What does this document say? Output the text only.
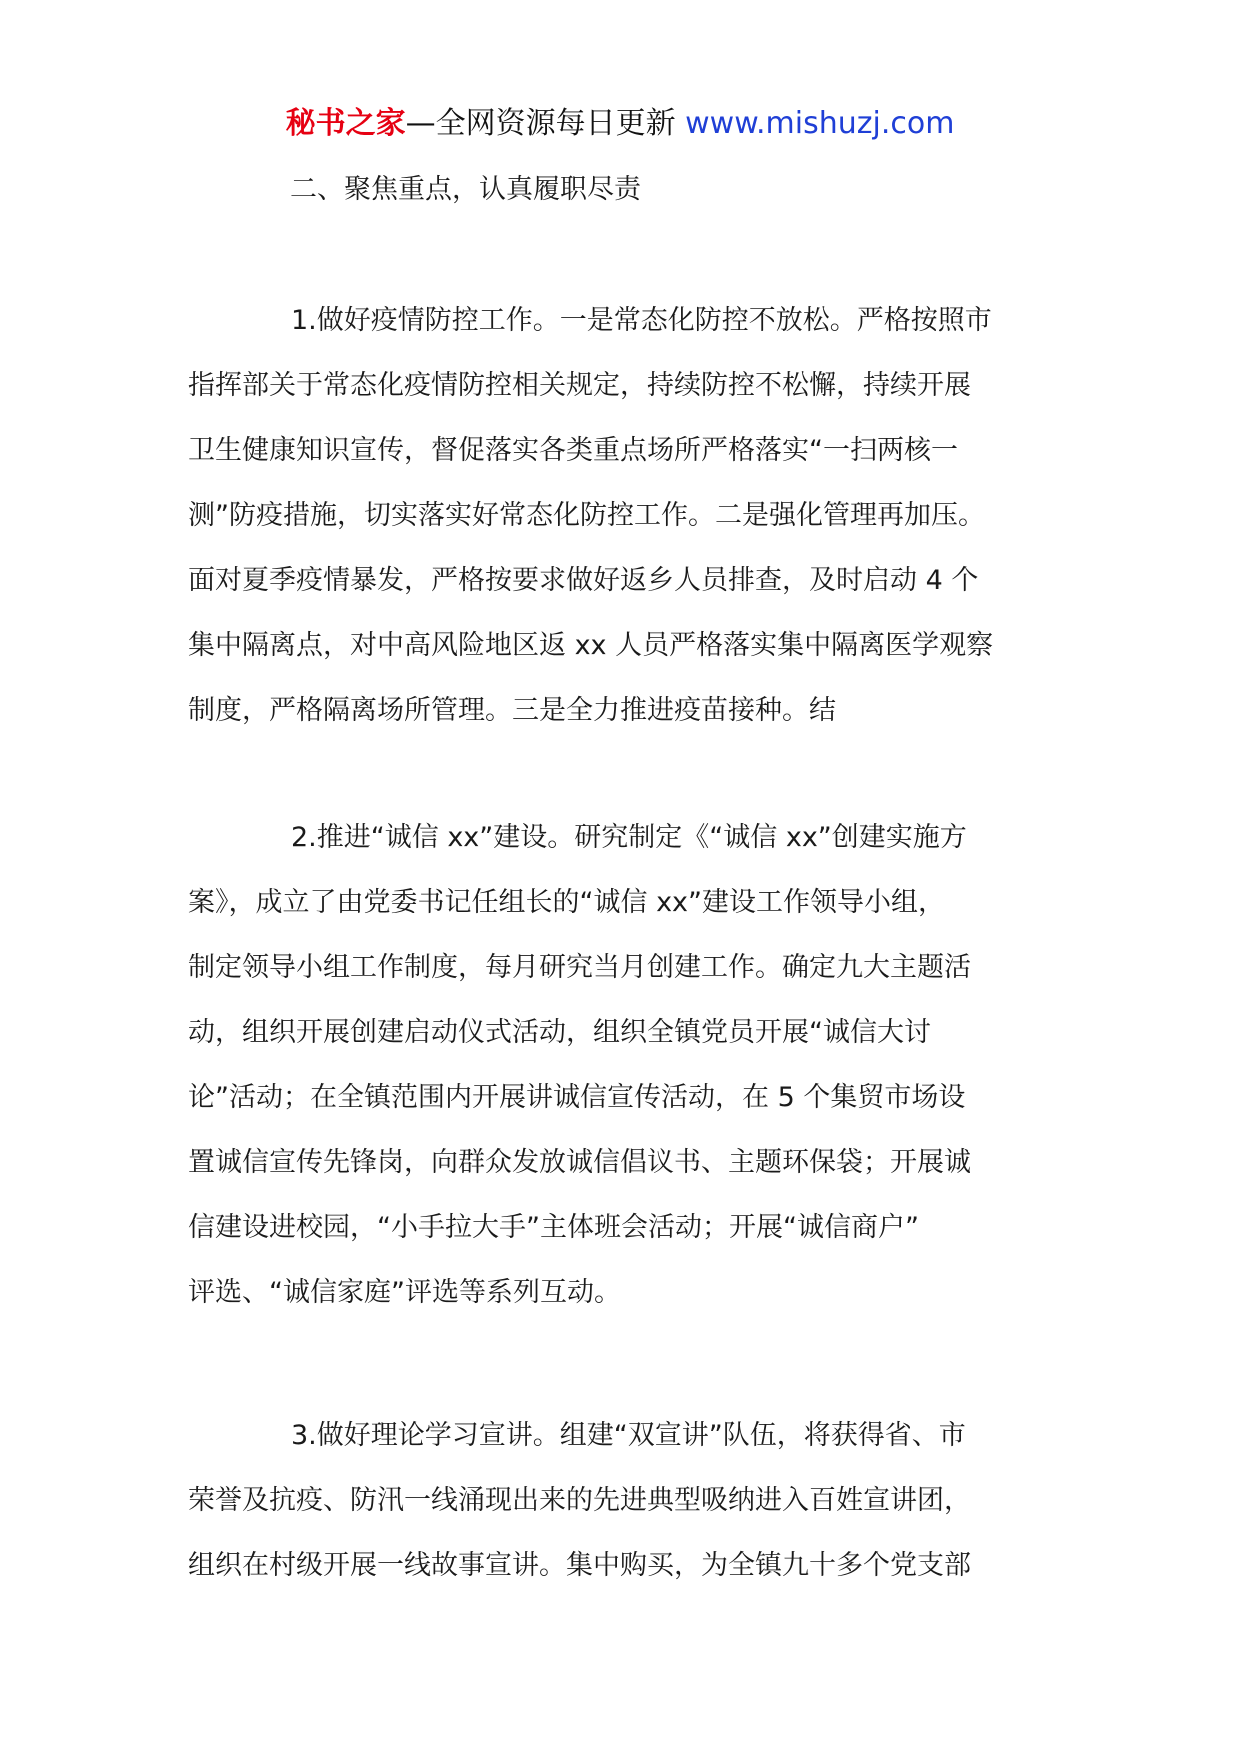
秘书之家—全网资源每日更新 www.mishuzj.com
二、聚焦重点，认真履职尽责
1.做好疫情防控工作。一是常态化防控不放松。严格按照市
指挥部关于常态化疫情防控相关规定，持续防控不松懈，持续开展
卫生健康知识宣传，督促落实各类重点场所严格落实“一扫两核一
测”防疫措施，切实落实好常态化防控工作。二是强化管理再加压。
面对夏季疫情暴发，严格按要求做好返乡人员排查，及时启动 4 个
集中隔离点，对中高风险地区返 xx 人员严格落实集中隔离医学观察
制度，严格隔离场所管理。三是全力推进疫苗接种。结
2.推进“诚信 xx”建设。研究制定《“诚信 xx”创建实施方
案》，成立了由党委书记任组长的“诚信 xx”建设工作领导小组，
制定领导小组工作制度，每月研究当月创建工作。确定九大主题活
动，组织开展创建启动仪式活动，组织全镇党员开展“诚信大讨
论”活动；在全镇范围内开展讲诚信宣传活动，在 5 个集贸市场设
置诚信宣传先锋岗，向群众发放诚信倡议书、主题环保袋；开展诚
信建设进校园，“小手拉大手”主体班会活动；开展“诚信商户”
评选、“诚信家庭”评选等系列互动。
3.做好理论学习宣讲。组建“双宣讲”队伍，将获得省、市
荣誉及抗疫、防汛一线涌现出来的先进典型吸纳进入百姓宣讲团，
组织在村级开展一线故事宣讲。集中购买，为全镇九十多个党支部
